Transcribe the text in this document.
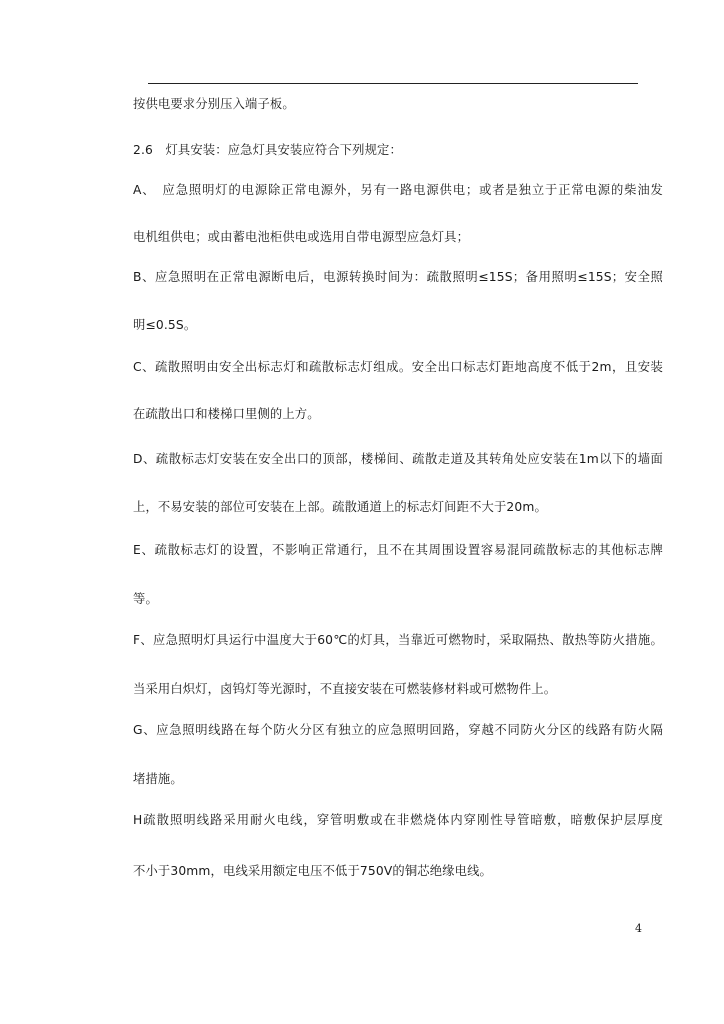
按供电要求分别压入端子板。
2.6　灯具安装：应急灯具安装应符合下列规定：
A、　应急照明灯的电源除正常电源外，另有一路电源供电；或者是独立于正常电源的柴油发
电机组供电；或由蓄电池柜供电或选用自带电源型应急灯具；
B、应急照明在正常电源断电后，电源转换时间为：疏散照明≤15S；备用照明≤15S；安全照
明≤0.5S。
C、疏散照明由安全出标志灯和疏散标志灯组成。安全出口标志灯距地高度不低于2m，且安装
在疏散出口和楼梯口里侧的上方。
D、疏散标志灯安装在安全出口的顶部，楼梯间、疏散走道及其转角处应安装在1m以下的墙面
上，不易安装的部位可安装在上部。疏散通道上的标志灯间距不大于20m。
E、疏散标志灯的设置，不影响正常通行，且不在其周围设置容易混同疏散标志的其他标志牌
等。
F、应急照明灯具运行中温度大于60℃的灯具，当靠近可燃物时，采取隔热、散热等防火措施。
当采用白炽灯，卤钨灯等光源时，不直接安装在可燃装修材料或可燃物件上。
G、应急照明线路在每个防火分区有独立的应急照明回路，穿越不同防火分区的线路有防火隔
堵措施。
H疏散照明线路采用耐火电线，穿管明敷或在非燃烧体内穿刚性导管暗敷，暗敷保护层厚度
不小于30mm，电线采用额定电压不低于750V的铜芯绝缘电线。
4
